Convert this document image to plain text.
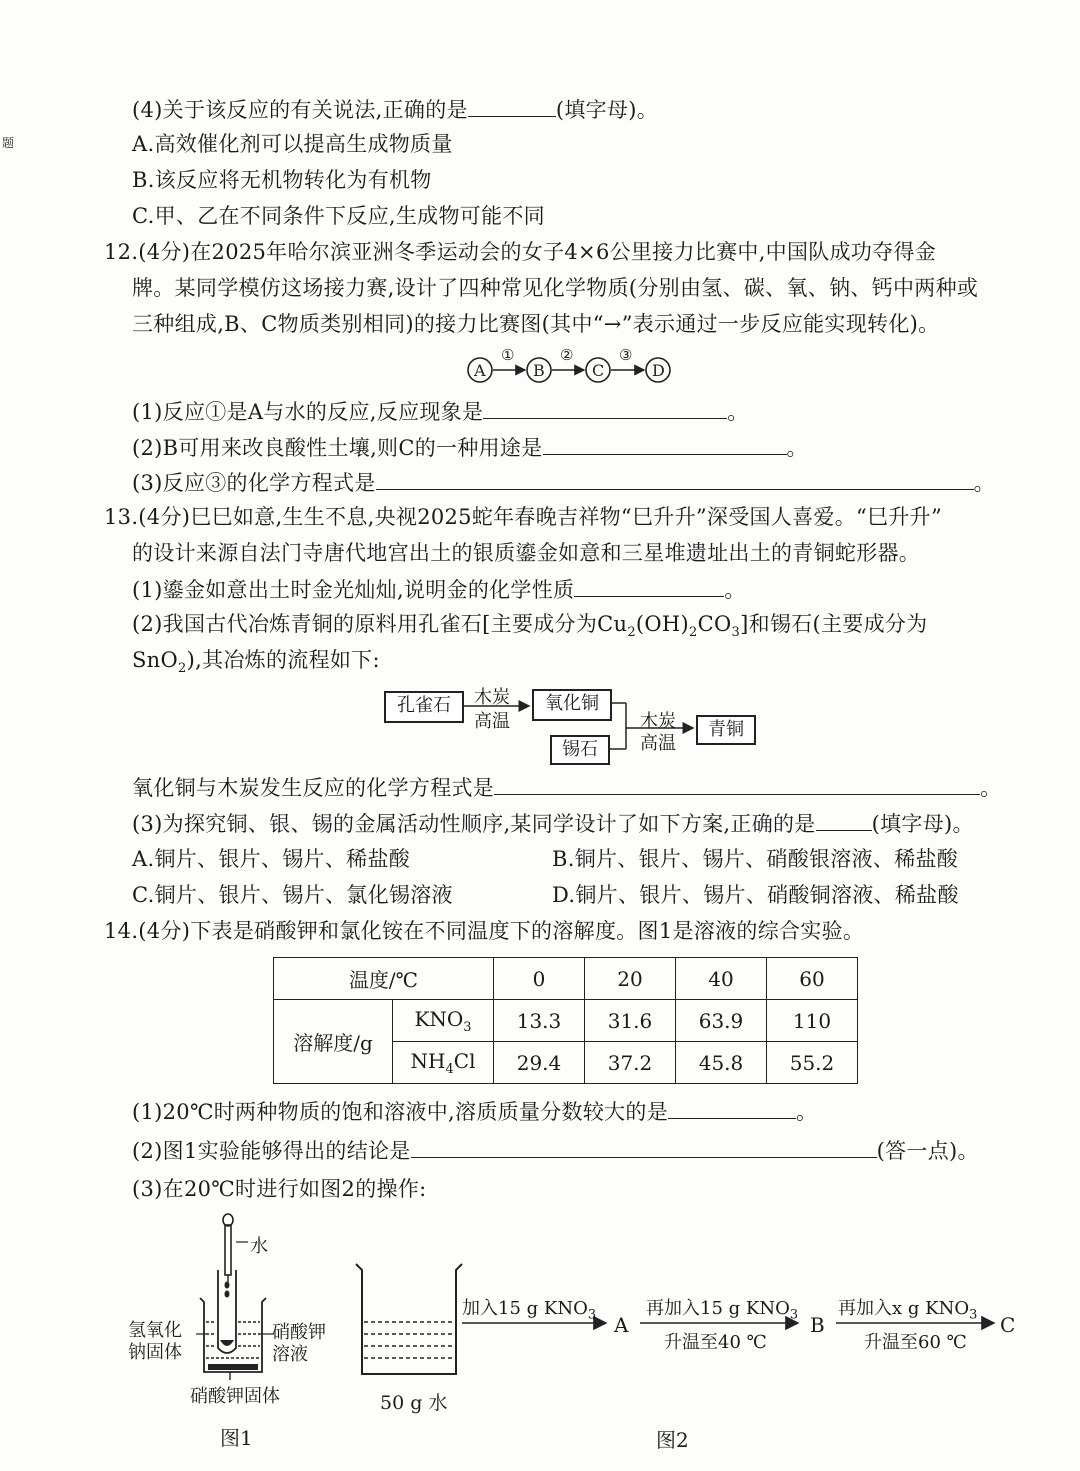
题
(4)关于该反应的有关说法,正确的是	(填字母)。
A.高效催化剂可以提高生成物质量
B.该反应将无机物转化为有机物
C.甲、乙在不同条件下反应,生成物可能不同
12.(4分)在2025年哈尔滨亚洲冬季运动会的女子4×6公里接力比赛中,中国队成功夺得金
牌。某同学模仿这场接力赛,设计了四种常见化学物质(分别由氢、碳、氧、钠、钙中两种或
三种组成,B、C物质类别相同)的接力比赛图(其中“→”表示通过一步反应能实现转化)。
A	B	C	D
①	②	③
(1)反应①是A与水的反应,反应现象是	。
(2)B可用来改良酸性土壤,则C的一种用途是	。
(3)反应③的化学方程式是	。
13.(4分)巳巳如意,生生不息,央视2025蛇年春晚吉祥物“巳升升”深受国人喜爱。“巳升升”
的设计来源自法门寺唐代地宫出土的银质鎏金如意和三星堆遗址出土的青铜蛇形器。
(1)鎏金如意出土时金光灿灿,说明金的化学性质	。
(2)我国古代冶炼青铜的原料用孔雀石[主要成分为$Cu_2(OH)_2CO_3$]和锡石(主要成分为
SnO$_2$),其冶炼的流程如下:
孔雀石	木炭
高温
氧化铜
锡石
木炭
高温
青铜
氧化铜与木炭发生反应的化学方程式是	。
(3)为探究铜、银、锡的金属活动性顺序,某同学设计了如下方案,正确的是	(填字母)。
A.铜片、银片、锡片、稀盐酸	B.铜片、银片、锡片、硝酸银溶液、稀盐酸
C.铜片、银片、锡片、氯化锡溶液	D.铜片、银片、锡片、硝酸铜溶液、稀盐酸
14.(4分)下表是硝酸钾和氯化铵在不同温度下的溶解度。图1是溶液的综合实验。
温度/℃		0	20	40	60
溶解度/g	$KNO_3$	13.3	31.6	63.9	110
	$NH_4Cl$	29.4	37.2	45.8	55.2
(1)20℃时两种物质的饱和溶液中,溶质质量分数较大的是	。
(2)图1实验能够得出的结论是	(答一点)。
(3)在20℃时进行如图2的操作:
水
氢氧化
钠固体
硝酸钾
溶液
硝酸钾固体
图1
50 g 水
加入15 g $KNO_3$ A
再加入15 g $KNO_3$
升温至40 ℃
B
再加入x g $KNO_3$
升温至60 ℃
C
图2
